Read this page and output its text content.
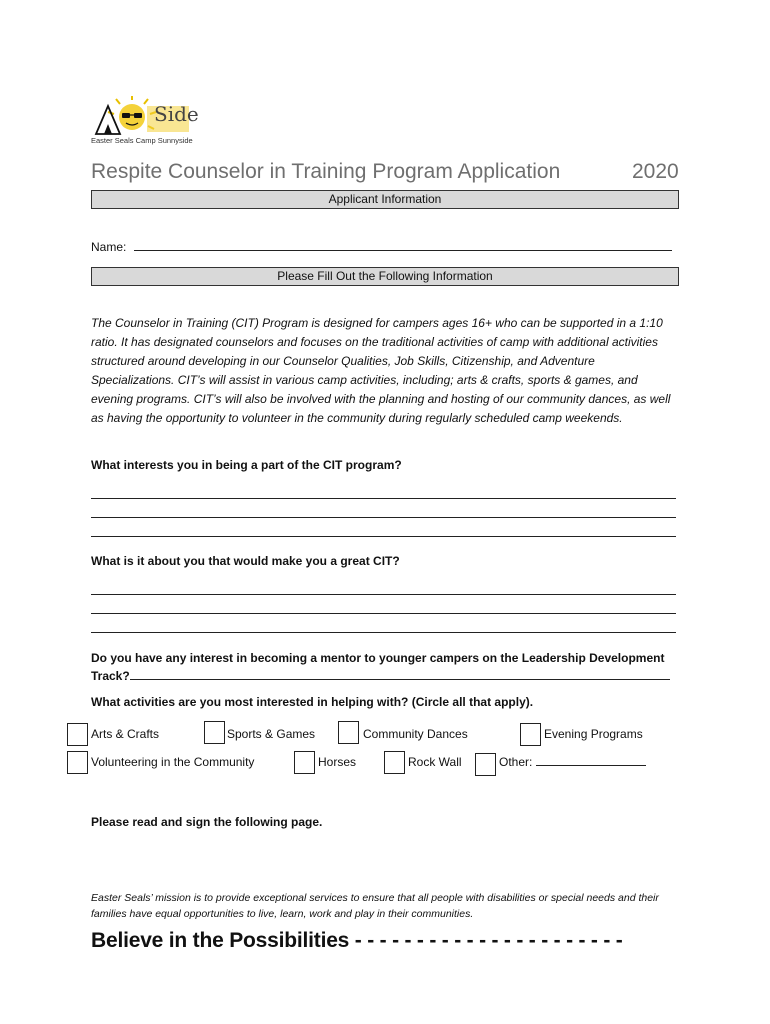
Side
Easter Seals Camp Sunnyside
Respite Counselor in Training Program Application	2020
Applicant Information
Name:
Please Fill Out the Following Information
The Counselor in Training (CIT) Program is designed for campers ages 16+ who can be supported in a 1:10 ratio. It has designated counselors and focuses on the traditional activities of camp with additional activities structured around developing in our Counselor Qualities, Job Skills, Citizenship, and Adventure Specializations. CIT’s will assist in various camp activities, including; arts & crafts, sports & games, and evening programs. CIT’s will also be involved with the planning and hosting of our community dances, as well as having the opportunity to volunteer in the community during regularly scheduled camp weekends.
What interests you in being a part of the CIT program?
What is it about you that would make you a great CIT?
Do you have any interest in becoming a mentor to younger campers on the Leadership Development Track?
What activities are you most interested in helping with? (Circle all that apply).
Arts & Crafts	Sports & Games	Community Dances	Evening Programs
Volunteering in the Community	Horses	Rock Wall	Other:
Please read and sign the following page.
Easter Seals’ mission is to provide exceptional services to ensure that all people with disabilities or special needs and their families have equal opportunities to live, learn, work and play in their communities.
Believe in the Possibilities - - - - - - - - - - - - - - - - - - - - - -
